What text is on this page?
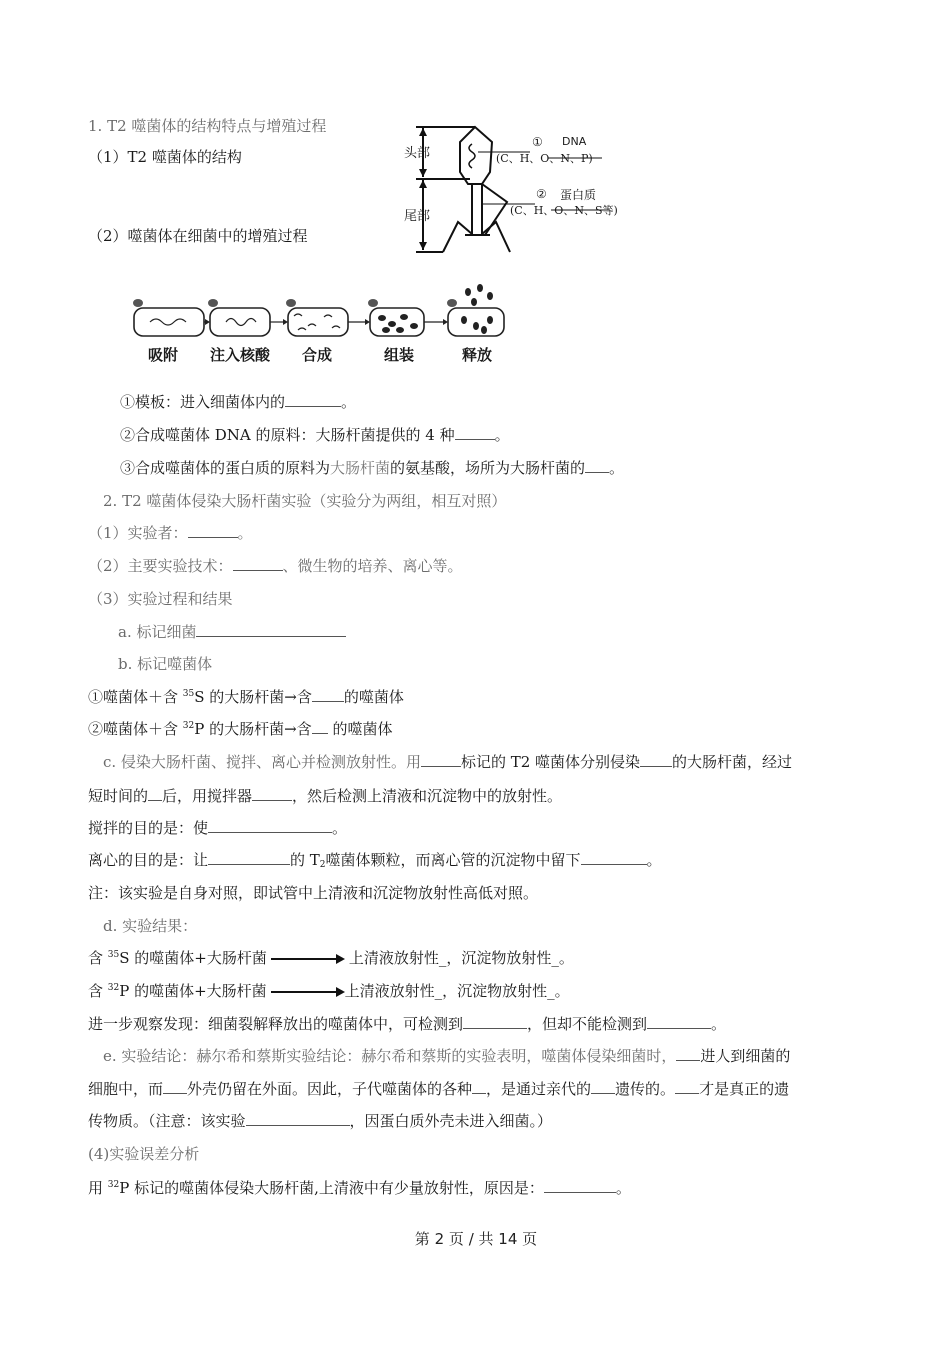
1. T2 噬菌体的结构特点与增殖过程
（1）T2 噬菌体的结构
（2）噬菌体在细菌中的增殖过程
头部
尾部
① DNA
(C、H、O、N、P)
② 蛋白质
(C、H、O、N、S等)
吸附 注入核酸 合成	组装	释放
①模板：进入细菌体内的	。
②合成噬菌体 DNA 的原料：大肠杆菌提供的 4 种	。
③合成噬菌体的蛋白质的原料为大肠杆菌的氨基酸，场所为大肠杆菌的 。
2. T2 噬菌体侵染大肠杆菌实验（实验分为两组，相互对照）
（1）实验者：	。
（2）主要实验技术：	、微生物的培养、离心等。
（3）实验过程和结果
a. 标记细菌
b. 标记噬菌体
①噬菌体＋含 $^{35}$S 的大肠杆菌→含 的噬菌体
②噬菌体＋含 $^{32}$P 的大肠杆菌→含 的噬菌体
c. 侵染大肠杆菌、搅拌、离心并检测放射性。用	标记的 T2 噬菌体分别侵染 的大肠杆菌，经过
短时间的 后，用搅拌器	，然后检测上清液和沉淀物中的放射性。
搅拌的目的是：使	。
离心的目的是：让	的 $T_2$噬菌体颗粒，而离心管的沉淀物中留下	。
注：该实验是自身对照，即试管中上清液和沉淀物放射性高低对照。
d. 实验结果：
含 $^{35}$S 的噬菌体+大肠杆菌	上清液放射性_，沉淀物放射性_。
含 $^{32}$P 的噬菌体+大肠杆菌	上清液放射性_，沉淀物放射性_。
进一步观察发现：细菌裂解释放出的噬菌体中，可检测到	，但却不能检测到	。
e. 实验结论：赫尔希和蔡斯实验结论：赫尔希和蔡斯的实验表明，噬菌体侵染细菌时， 进人到细菌的
细胞中，而 外壳仍留在外面。因此，子代噬菌体的各种 ，是通过亲代的 遗传的。 才是真正的遗
传物质。（注意：该实验	，因蛋白质外壳未进入细菌。）
(4)实验误差分析
用 $^{32}$P 标记的噬菌体侵染大肠杆菌,上清液中有少量放射性，原因是：	。
第 2 页 / 共 14 页
